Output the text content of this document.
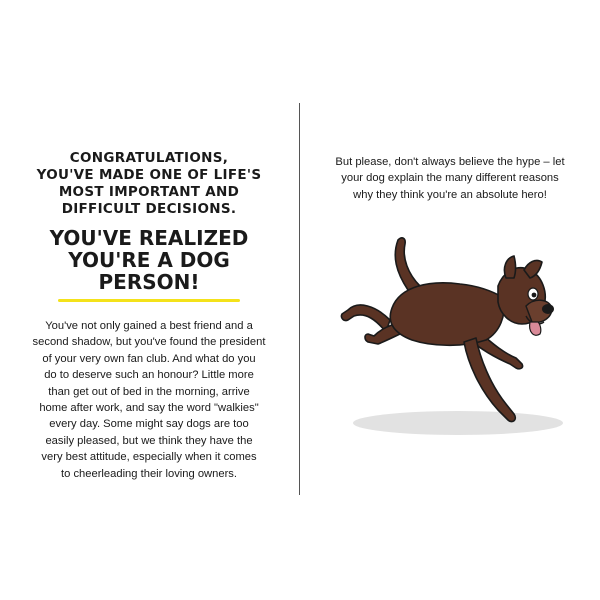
CONGRATULATIONS,
YOU'VE MADE ONE OF LIFE'S
MOST IMPORTANT AND
DIFFICULT DECISIONS.

YOU'VE REALIZED
YOU'RE A DOG PERSON!

You've not only gained a best friend and a
second shadow, but you've found the president
of your very own fan club. And what do you
do to deserve such an honour? Little more
than get out of bed in the morning, arrive
home after work, and say the word "walkies"
every day. Some might say dogs are too
easily pleased, but we think they have the
very best attitude, especially when it comes
to cheerleading their loving owners.

But please, don't always believe the hype – let
your dog explain the many different reasons
why they think you're an absolute hero!
